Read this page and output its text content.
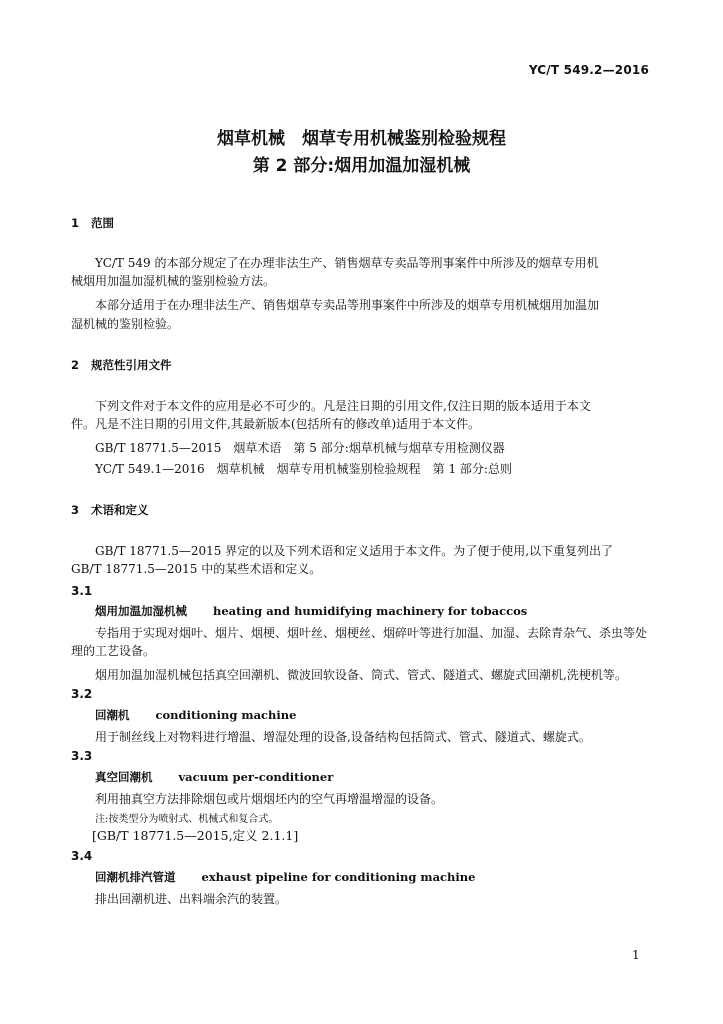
YC/T 549.2—2016
烟草机械　烟草专用机械鉴别检验规程
第 2 部分:烟用加温加湿机械
1 范围
YC/T 549 的本部分规定了在办理非法生产、销售烟草专卖品等刑事案件中所涉及的烟草专用机
械烟用加温加湿机械的鉴别检验方法。
本部分适用于在办理非法生产、销售烟草专卖品等刑事案件中所涉及的烟草专用机械烟用加温加
湿机械的鉴别检验。
2 规范性引用文件
下列文件对于本文件的应用是必不可少的。凡是注日期的引用文件,仅注日期的版本适用于本文
件。凡是不注日期的引用文件,其最新版本(包括所有的修改单)适用于本文件。
GB/T 18771.5—2015　烟草术语　第 5 部分:烟草机械与烟草专用检测仪器
YC/T 549.1—2016　烟草机械　烟草专用机械鉴别检验规程　第 1 部分:总则
3 术语和定义
GB/T 18771.5—2015 界定的以及下列术语和定义适用于本文件。为了便于使用,以下重复列出了
GB/T 18771.5—2015 中的某些术语和定义。
3.1
烟用加温加湿机械 heating and humidifying machinery for tobaccos
专指用于实现对烟叶、烟片、烟梗、烟叶丝、烟梗丝、烟碎叶等进行加温、加湿、去除青杂气、杀虫等处
理的工艺设备。
烟用加温加湿机械包括真空回潮机、微波回软设备、筒式、管式、隧道式、螺旋式回潮机,洗梗机等。
3.2
回潮机 conditioning machine
用于制丝线上对物料进行增温、增湿处理的设备,设备结构包括筒式、管式、隧道式、螺旋式。
3.3
真空回潮机 vacuum per-conditioner
利用抽真空方法排除烟包或片烟烟坯内的空气再增温增湿的设备。
注:按类型分为喷射式、机械式和复合式。
[GB/T 18771.5—2015,定义 2.1.1]
3.4
回潮机排汽管道 exhaust pipeline for conditioning machine
排出回潮机进、出料端余汽的装置。
1
